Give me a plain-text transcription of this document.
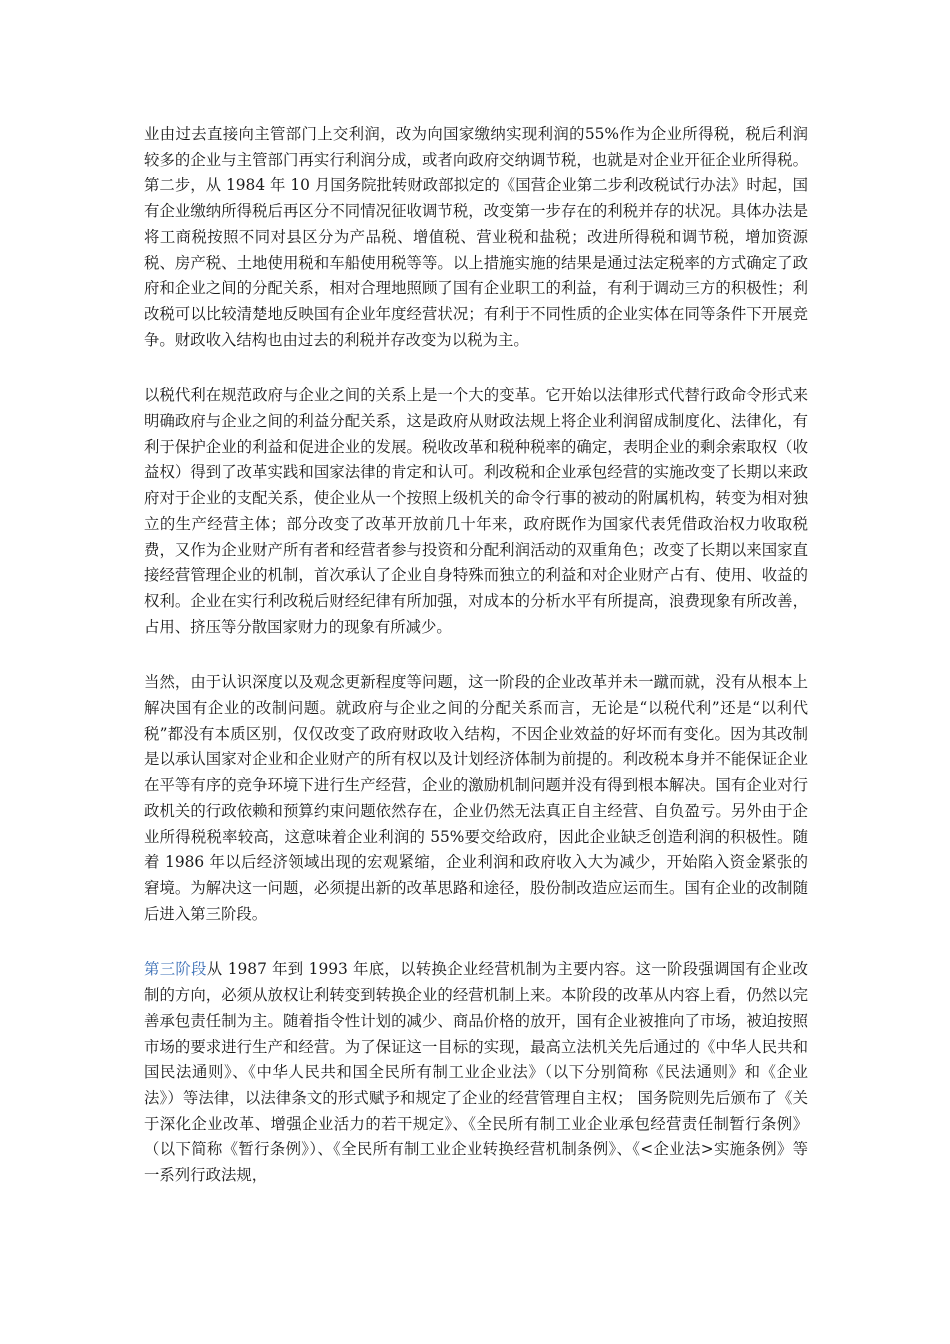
业由过去直接向主管部门上交利润，改为向国家缴纳实现利润的55%作为企业所得税，税后利润较多的企业与主管部门再实行利润分成，或者向政府交纳调节税，也就是对企业开征企业所得税。第二步，从 1984 年 10 月国务院批转财政部拟定的《国营企业第二步利改税试行办法》时起，国有企业缴纳所得税后再区分不同情况征收调节税，改变第一步存在的利税并存的状况。具体办法是将工商税按照不同对县区分为产品税、增值税、营业税和盐税；改进所得税和调节税，增加资源税、房产税、土地使用税和车船使用税等等。以上措施实施的结果是通过法定税率的方式确定了政府和企业之间的分配关系，相对合理地照顾了国有企业职工的利益，有利于调动三方的积极性；利改税可以比较清楚地反映国有企业年度经营状况；有利于不同性质的企业实体在同等条件下开展竞争。财政收入结构也由过去的利税并存改变为以税为主。

以税代利在规范政府与企业之间的关系上是一个大的变革。它开始以法律形式代替行政命令形式来明确政府与企业之间的利益分配关系，这是政府从财政法规上将企业利润留成制度化、法律化，有利于保护企业的利益和促进企业的发展。税收改革和税种税率的确定，表明企业的剩余索取权（收益权）得到了改革实践和国家法律的肯定和认可。利改税和企业承包经营的实施改变了长期以来政府对于企业的支配关系，使企业从一个按照上级机关的命令行事的被动的附属机构，转变为相对独立的生产经营主体；部分改变了改革开放前几十年来，政府既作为国家代表凭借政治权力收取税费，又作为企业财产所有者和经营者参与投资和分配利润活动的双重角色；改变了长期以来国家直接经营管理企业的机制，首次承认了企业自身特殊而独立的利益和对企业财产占有、使用、收益的权利。企业在实行利改税后财经纪律有所加强，对成本的分析水平有所提高，浪费现象有所改善，占用、挤压等分散国家财力的现象有所减少。

当然，由于认识深度以及观念更新程度等问题，这一阶段的企业改革并未一蹴而就，没有从根本上解决国有企业的改制问题。就政府与企业之间的分配关系而言，无论是“以税代利”还是“以利代税”都没有本质区别，仅仅改变了政府财政收入结构，不因企业效益的好坏而有变化。因为其改制是以承认国家对企业和企业财产的所有权以及计划经济体制为前提的。利改税本身并不能保证企业在平等有序的竞争环境下进行生产经营，企业的激励机制问题并没有得到根本解决。国有企业对行政机关的行政依赖和预算约束问题依然存在，企业仍然无法真正自主经营、自负盈亏。另外由于企业所得税税率较高，这意味着企业利润的 55%要交给政府，因此企业缺乏创造利润的积极性。随着 1986 年以后经济领域出现的宏观紧缩，企业利润和政府收入大为减少，开始陷入资金紧张的窘境。为解决这一问题，必须提出新的改革思路和途径，股份制改造应运而生。国有企业的改制随后进入第三阶段。

第三阶段从 1987 年到 1993 年底，以转换企业经营机制为主要内容。这一阶段强调国有企业改制的方向，必须从放权让利转变到转换企业的经营机制上来。本阶段的改革从内容上看，仍然以完善承包责任制为主。随着指令性计划的减少、商品价格的放开，国有企业被推向了市场，被迫按照市场的要求进行生产和经营。为了保证这一目标的实现，最高立法机关先后通过的《中华人民共和国民法通则》、《中华人民共和国全民所有制工业企业法》（以下分别简称《民法通则》和《企业法》）等法律，以法律条文的形式赋予和规定了企业的经营管理自主权； 国务院则先后颁布了《关于深化企业改革、增强企业活力的若干规定》、《全民所有制工业企业承包经营责任制暂行条例》（以下简称《暂行条例》）、《全民所有制工业企业转换经营机制条例》、《<企业法>实施条例》等一系列行政法规，
